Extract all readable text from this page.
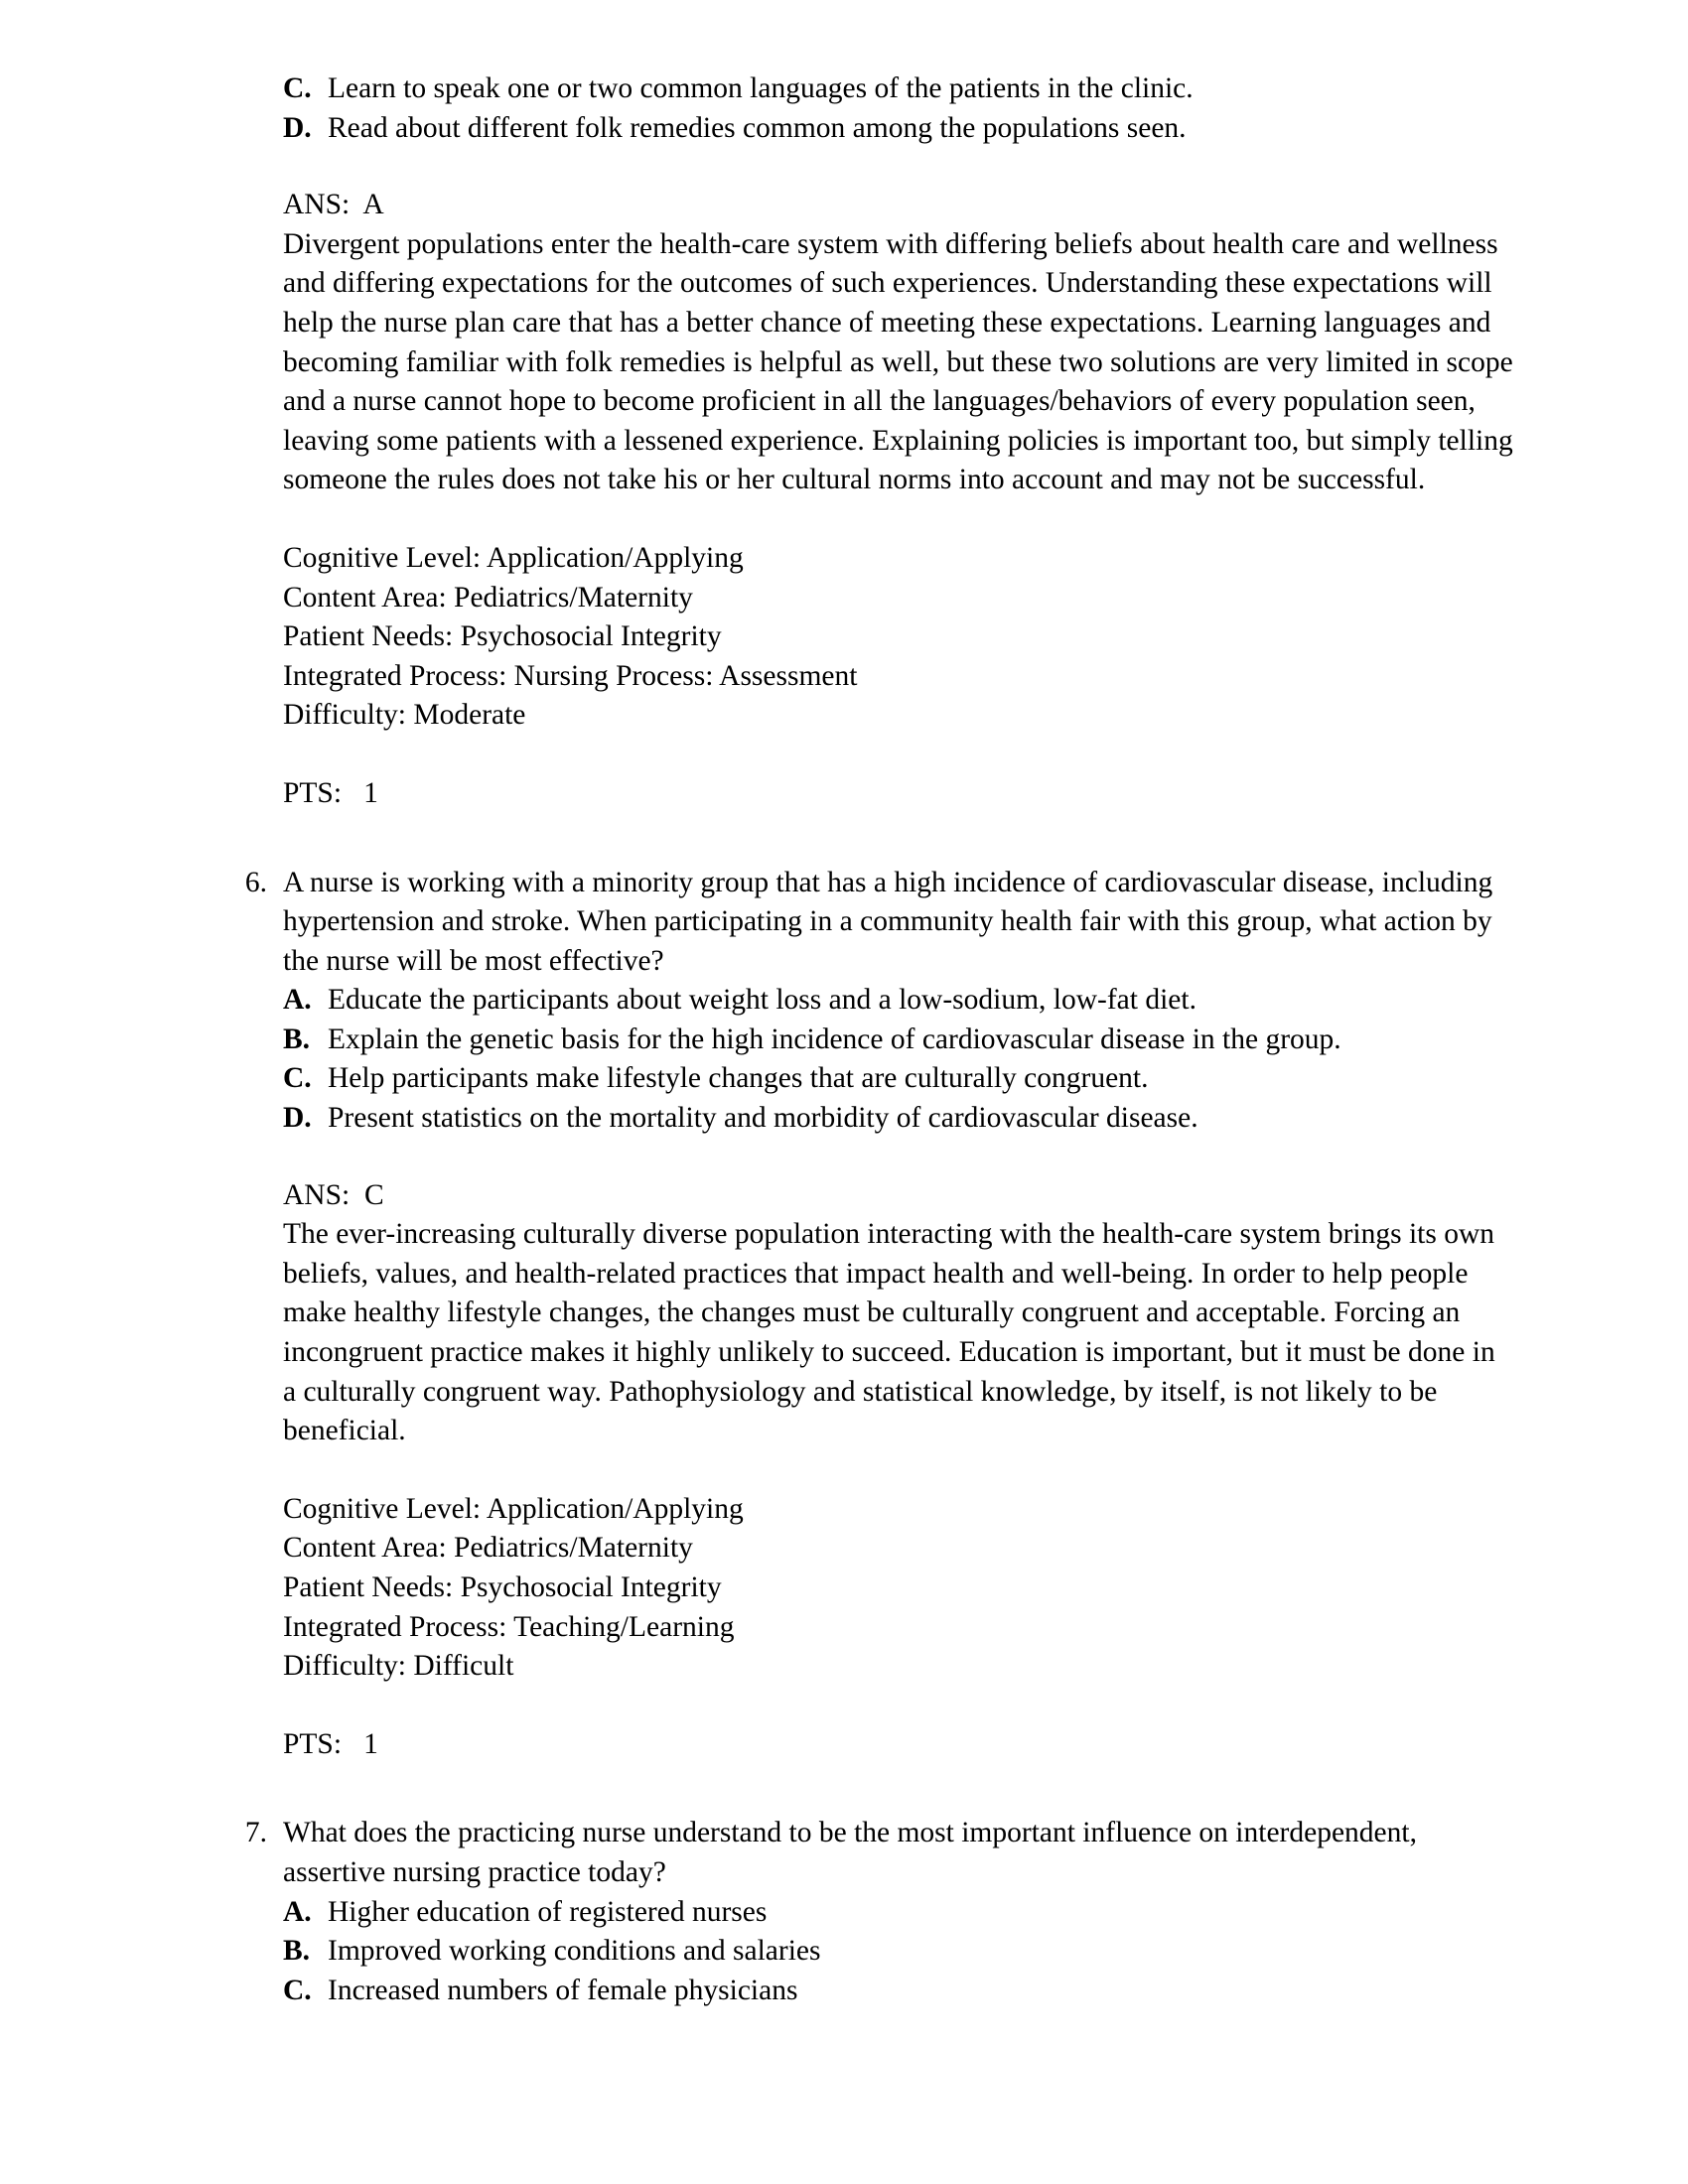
C. Learn to speak one or two common languages of the patients in the clinic.
D. Read about different folk remedies common among the populations seen.
ANS:  A
Divergent populations enter the health-care system with differing beliefs about health care and wellness and differing expectations for the outcomes of such experiences. Understanding these expectations will help the nurse plan care that has a better chance of meeting these expectations. Learning languages and becoming familiar with folk remedies is helpful as well, but these two solutions are very limited in scope and a nurse cannot hope to become proficient in all the languages/behaviors of every population seen, leaving some patients with a lessened experience. Explaining policies is important too, but simply telling someone the rules does not take his or her cultural norms into account and may not be successful.
Cognitive Level: Application/Applying
Content Area: Pediatrics/Maternity
Patient Needs: Psychosocial Integrity
Integrated Process: Nursing Process: Assessment
Difficulty: Moderate
PTS:   1
6. A nurse is working with a minority group that has a high incidence of cardiovascular disease, including hypertension and stroke. When participating in a community health fair with this group, what action by the nurse will be most effective?
A. Educate the participants about weight loss and a low-sodium, low-fat diet.
B. Explain the genetic basis for the high incidence of cardiovascular disease in the group.
C. Help participants make lifestyle changes that are culturally congruent.
D. Present statistics on the mortality and morbidity of cardiovascular disease.
ANS:  C
The ever-increasing culturally diverse population interacting with the health-care system brings its own beliefs, values, and health-related practices that impact health and well-being. In order to help people make healthy lifestyle changes, the changes must be culturally congruent and acceptable. Forcing an incongruent practice makes it highly unlikely to succeed. Education is important, but it must be done in a culturally congruent way. Pathophysiology and statistical knowledge, by itself, is not likely to be beneficial.
Cognitive Level: Application/Applying
Content Area: Pediatrics/Maternity
Patient Needs: Psychosocial Integrity
Integrated Process: Teaching/Learning
Difficulty: Difficult
PTS:   1
7. What does the practicing nurse understand to be the most important influence on interdependent, assertive nursing practice today?
A. Higher education of registered nurses
B. Improved working conditions and salaries
C. Increased numbers of female physicians
